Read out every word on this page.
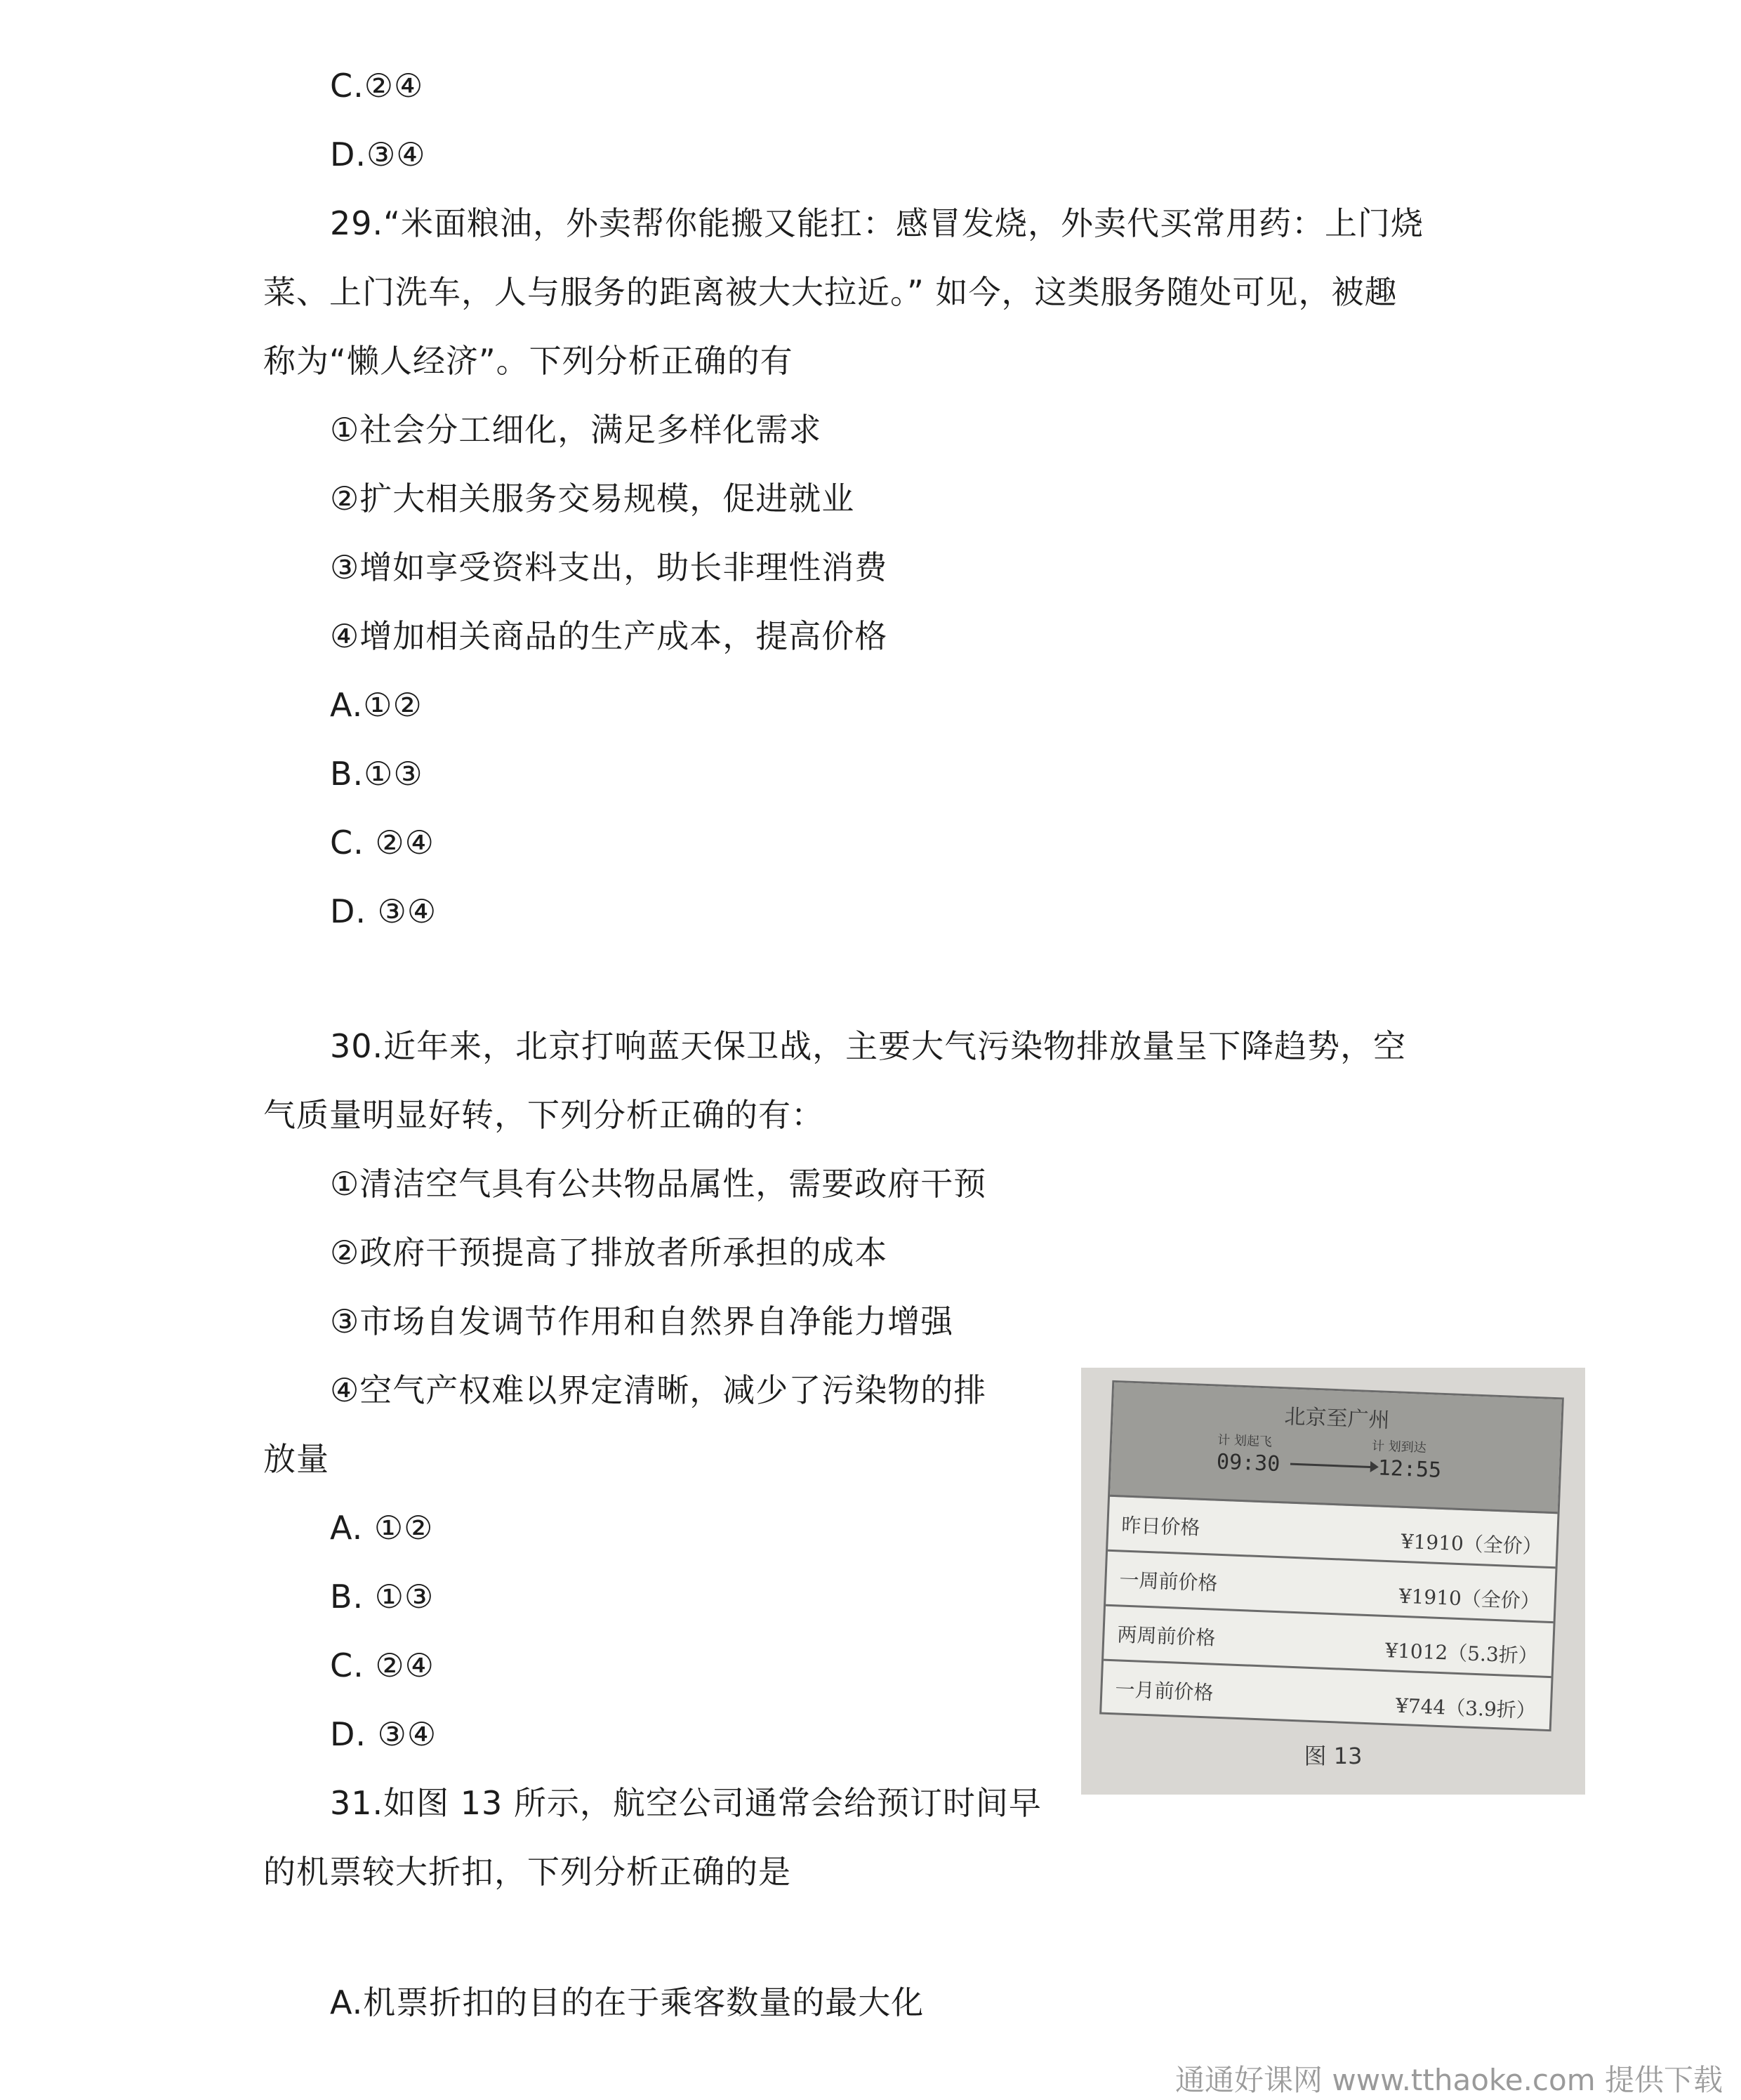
C.②④
D.③④
29.“米面粮油，外卖帮你能搬又能扛：感冒发烧，外卖代买常用药：上门烧
菜、上门洗车，人与服务的距离被大大拉近。” 如今，这类服务随处可见，被趣
称为“懒人经济”。下列分析正确的有
①社会分工细化，满足多样化需求
②扩大相关服务交易规模，促进就业
③增如享受资料支出，助长非理性消费
④增加相关商品的生产成本，提高价格
A.①②
B.①③
C. ②④
D. ③④
30.近年来，北京打响蓝天保卫战，主要大气污染物排放量呈下降趋势，空
气质量明显好转，下列分析正确的有：
①清洁空气具有公共物品属性，需要政府干预
②政府干预提高了排放者所承担的成本
③市场自发调节作用和自然界自净能力增强
④空气产权难以界定清晰，减少了污染物的排
放量
A. ①②
B. ①③
C. ②④
D. ③④
31.如图 13 所示，航空公司通常会给预订时间早
的机票较大折扣，下列分析正确的是
A.机票折扣的目的在于乘客数量的最大化
北京至广州
计 划起飞
09:30
计 划到达
12:55
昨日价格
¥1910（全价）
一周前价格
¥1910（全价）
两周前价格
¥1012（5.3折）
一月前价格
¥744（3.9折）
图 13
通通好课网 www.tthaoke.com 提供下载
